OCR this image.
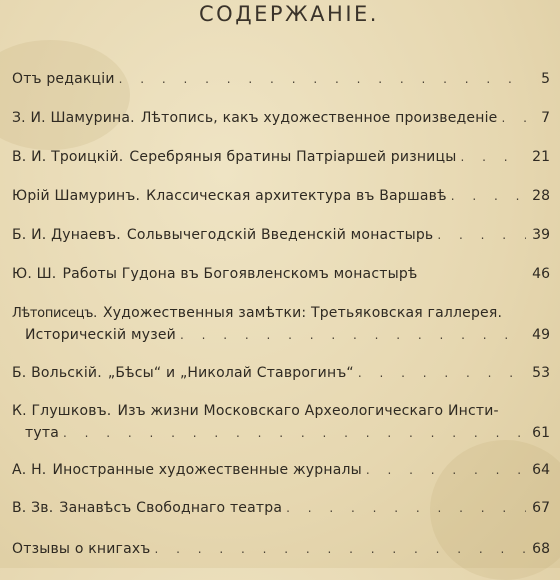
СОДЕРЖАНІЕ.
Отъ редакціи . . .	5
З. И. Шамурина. Лѣтопись, какъ художественное произведеніе . . .	7
В. И. Троицкій. Серебряныя братины Патріаршей ризницы . . .	21
Юрій Шамуринъ. Классическая архитектура въ Варшавѣ . . .	28
Б. И. Дунаевъ. Сольвычегодскій Введенскій монастырь . . .	39
Ю. Ш. Работы Гудона въ Богоявленскомъ монастырѣ	46
Лѣтописецъ. Художественныя замѣтки: Третьяковская галлерея.
Историческій музей . . .	49
Б. Вольскій. „Бѣсы“ и „Николай Ставрогинъ“ . . .	53
К. Глушковъ. Изъ жизни Московскаго Археологическаго Инсти-
тута . . .	61
А. Н. Иностранные художественные журналы . . .	64
В. Зв. Занавѣсъ Свободнаго театра . . .	67
Отзывы о книгахъ . . .	68
